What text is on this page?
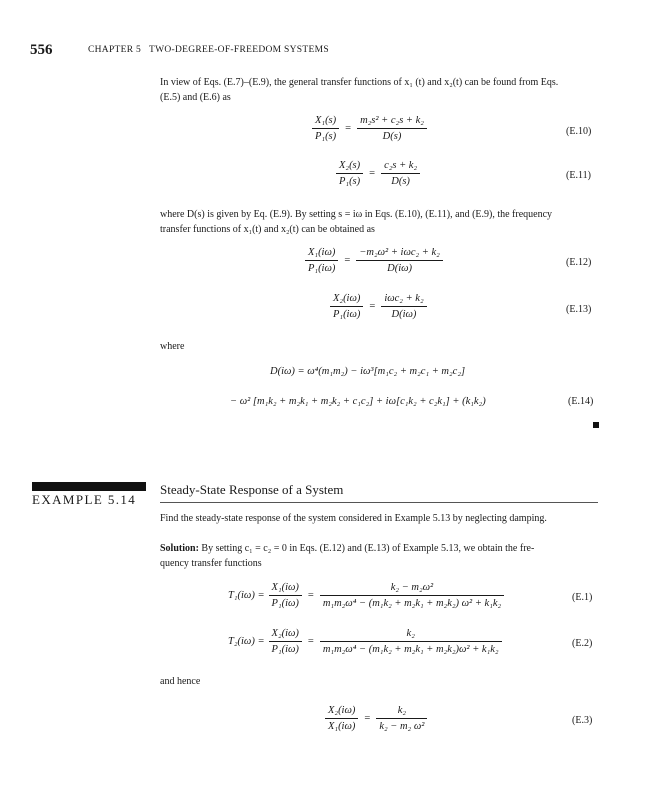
556	CHAPTER 5   TWO-DEGREE-OF-FREEDOM SYSTEMS
In view of Eqs. (E.7)–(E.9), the general transfer functions of x₁ (t) and x₂(t) can be found from Eqs.
(E.5) and (E.6) as
$\frac{\text{X₁(s)}}{\text{P₁(s)}} = \frac{\text{m₂s² + c₂s + k₂}}{D(s)}$	(E.10)
$\frac{\text{X₂(s)}}{\text{P₁(s)}} = \frac{\text{c₂s + k₂}}{D(s)}$	(E.11)
where D(s) is given by Eq. (E.9). By setting s = iω in Eqs. (E.10), (E.11), and (E.9), the frequency
transfer functions of x₁(t) and x₂(t) can be obtained as
$\frac{\text{X₁(iω)}}{\text{P₁(iω)}} = \frac{\text{−m₂ω² + iωc₂ + k₂}}{D(i\omega)}$	(E.12)
$\frac{\text{X₂(iω)}}{\text{P₁(iω)}} = \frac{\text{iωc₂ + k₂}}{D(i\omega)}$	(E.13)
where
D(iω) = ω⁴(m₁m₂) − iω³[m₁c₂ + m₂c₁ + m₂c₂]
− ω² [m₁k₂ + m₂k₁ + m₂k₂ + c₁c₂] + iω[c₁k₂ + c₂k₁] + (k₁k₂)	(E.14)
EXAMPLE 5.14
Steady-State Response of a System
Find the steady-state response of the system considered in Example 5.13 by neglecting damping.
Solution: By setting c₁ = c₂ = 0 in Eqs. (E.12) and (E.13) of Example 5.13, we obtain the fre-
quency transfer functions
$T_1(i\omega) = \frac{\text{X₁(iω)}}{\text{P₁(iω)}} = \frac{\text{k₂ − m₂ω²}}{\text{m₁m₂ω⁴ − (m₁k₂ + m₂k₁ + m₂k₂) ω² + k₁k₂}}$	(E.1)
$T_2(i\omega) = \frac{\text{X₂(iω)}}{\text{P₁(iω)}} = \frac{\text{k₂}}{\text{m₁m₂ω⁴ − (m₁k₂ + m₂k₁ + m₂k₂)ω² + k₁k₂}}$	(E.2)
and hence
$\frac{\text{X₂(iω)}}{\text{X₁(iω)}} = \frac{\text{k₂}}{\text{k₂ − m₂ ω²}}$	(E.3)
